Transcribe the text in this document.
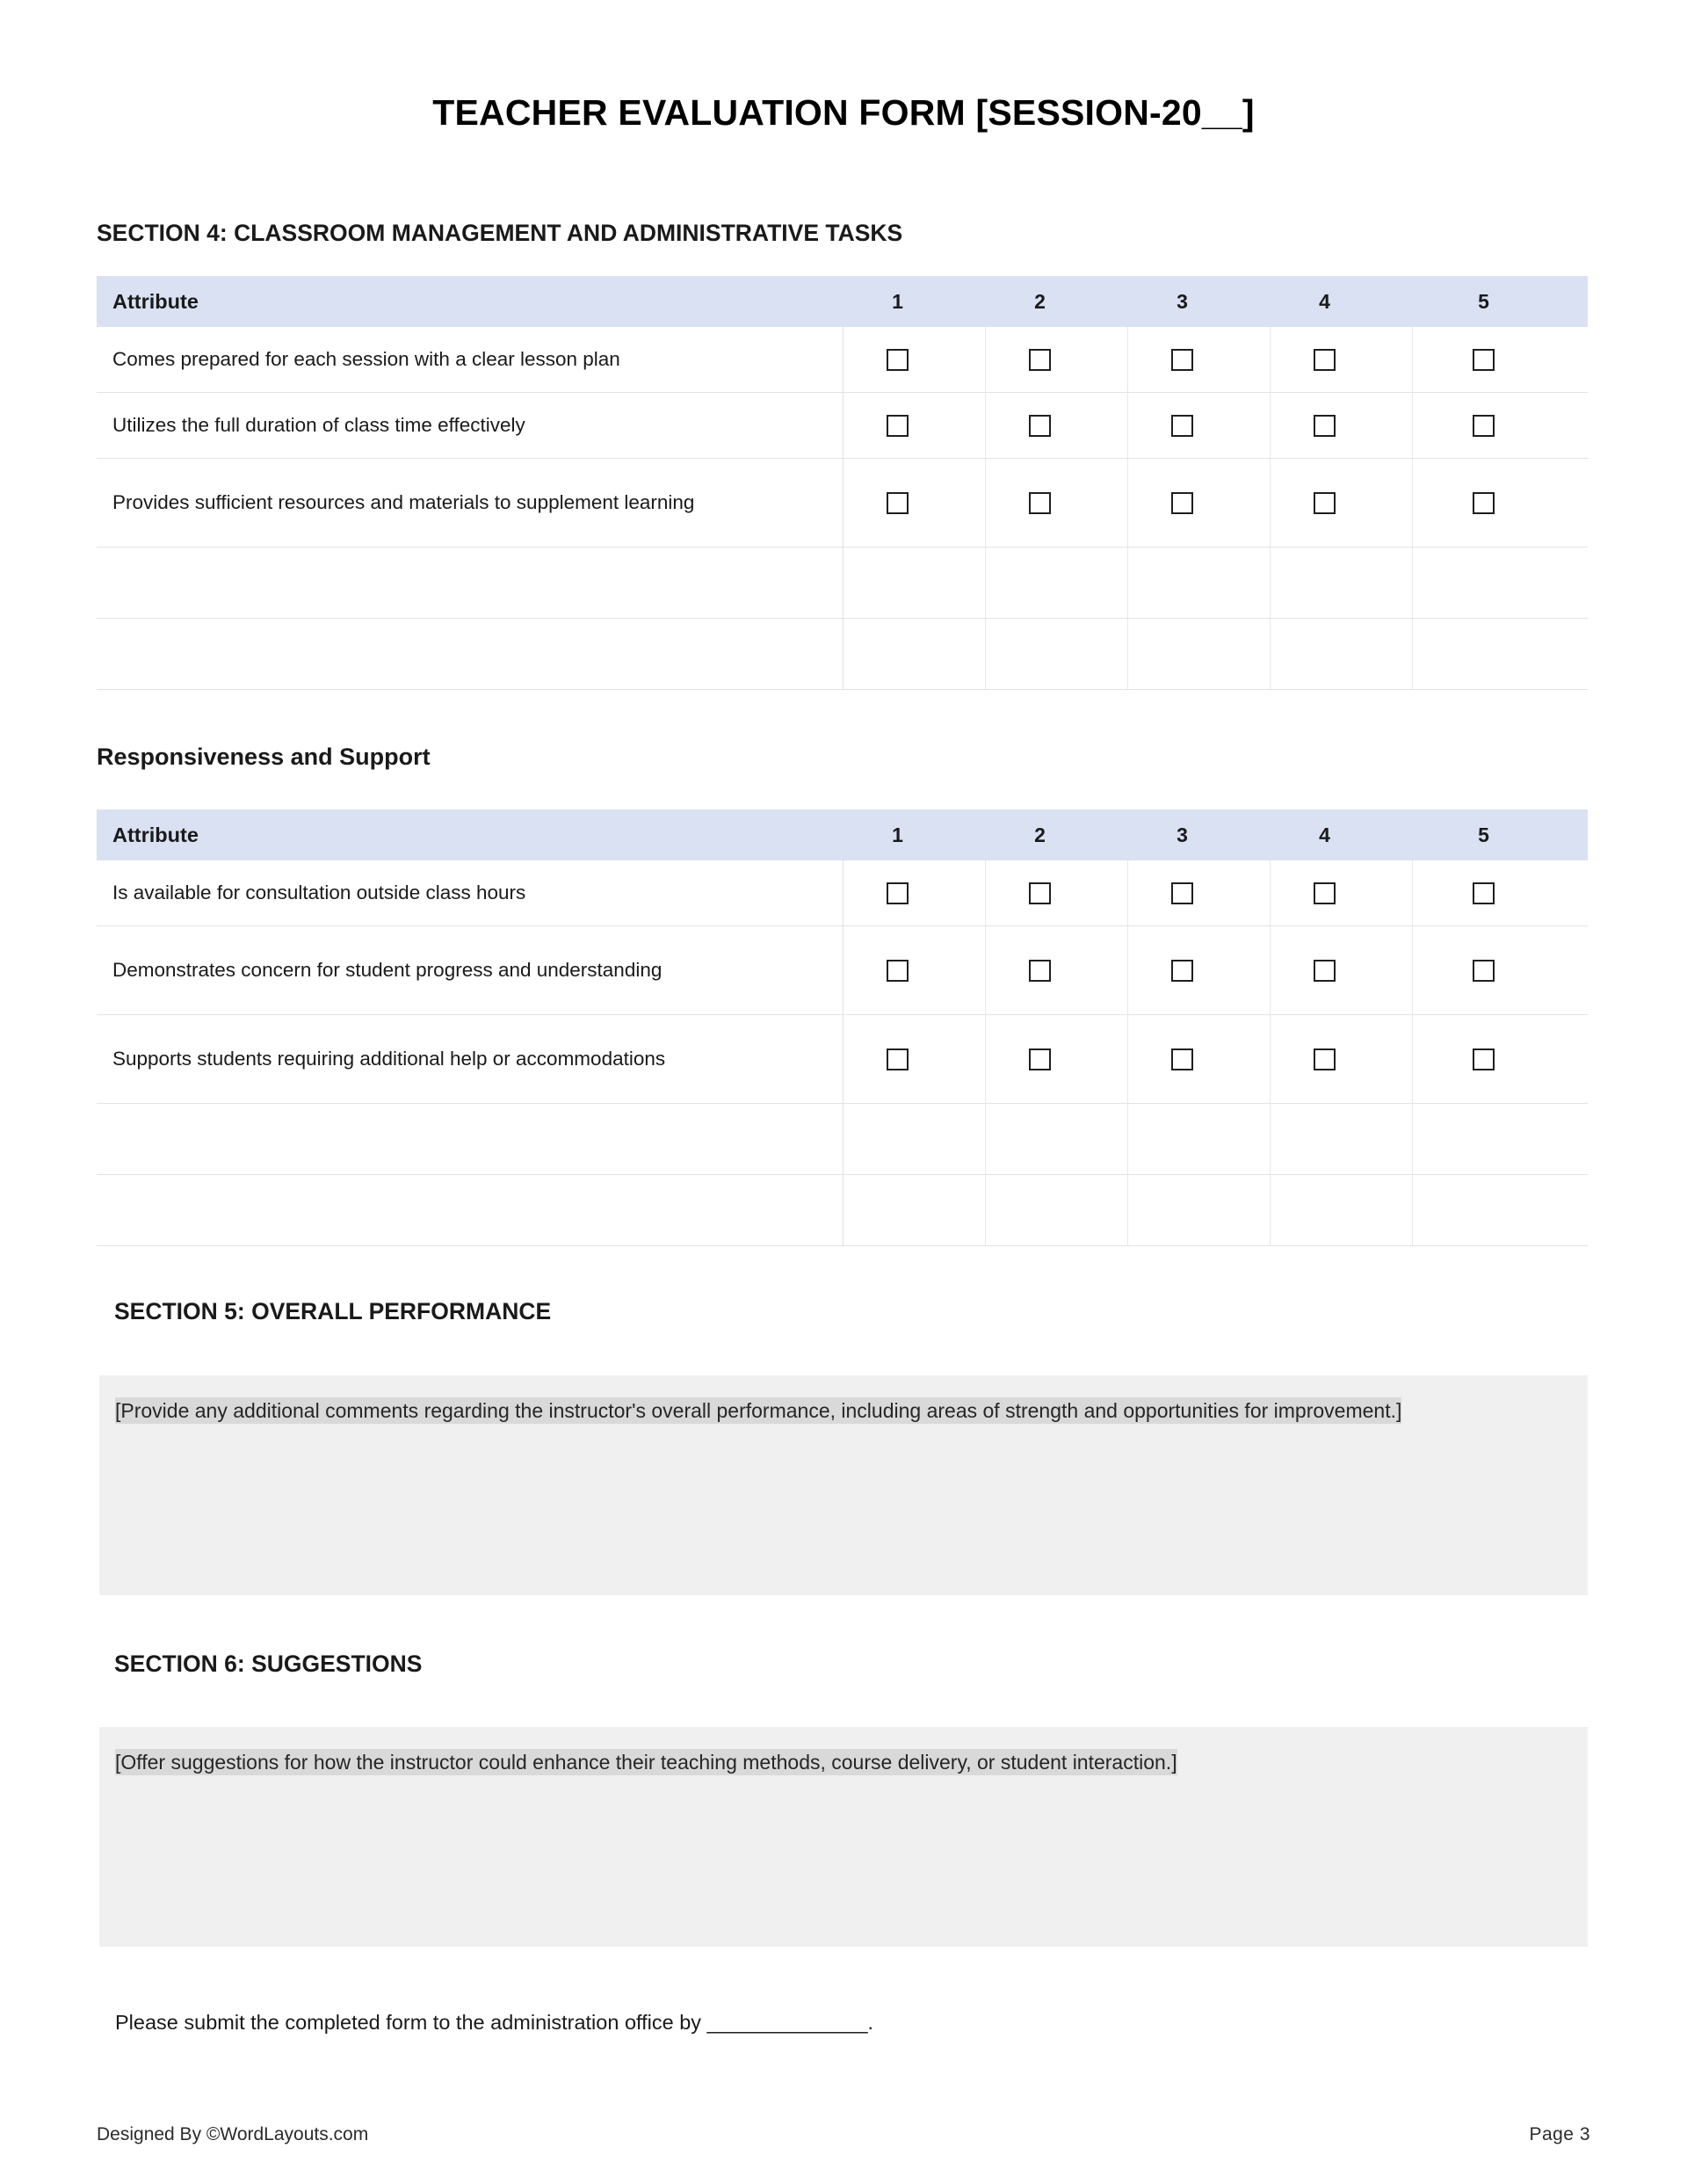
TEACHER EVALUATION FORM [SESSION-20__]
SECTION 4: CLASSROOM MANAGEMENT AND ADMINISTRATIVE TASKS
Attribute	1	2	3	4	5
Comes prepared for each session with a clear lesson plan					
Utilizes the full duration of class time effectively					
Provides sufficient resources and materials to supplement learning					

Responsiveness and Support
Attribute	1	2	3	4	5
Is available for consultation outside class hours					
Demonstrates concern for student progress and understanding					
Supports students requiring additional help or accommodations					

SECTION 5: OVERALL PERFORMANCE

[Provide any additional comments regarding the instructor's overall performance, including areas of strength and opportunities for improvement.]

SECTION 6: SUGGESTIONS

[Offer suggestions for how the instructor could enhance their teaching methods, course delivery, or student interaction.]

Please submit the completed form to the administration office by ______________.
Designed By ©WordLayouts.com	Page 3
